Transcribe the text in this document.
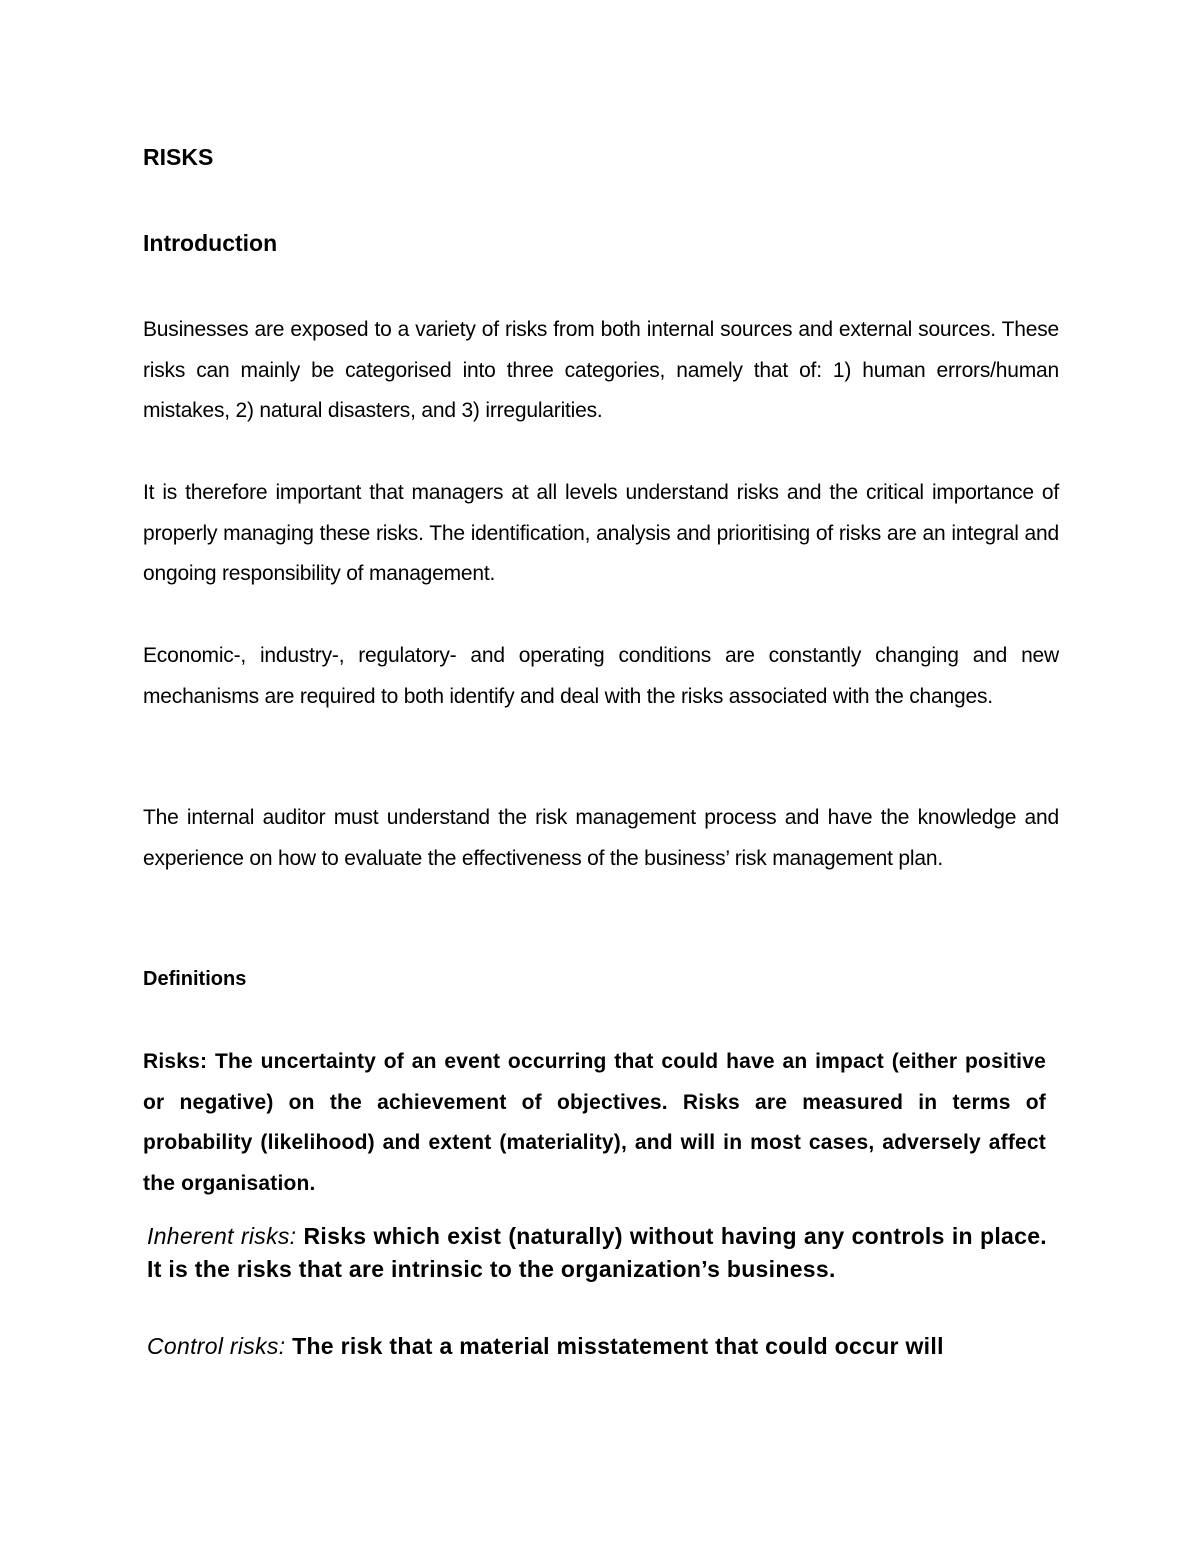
RISKS
Introduction

Businesses are exposed to a variety of risks from both internal sources and external sources. These risks can mainly be categorised into three categories, namely that of: 1) human errors/human mistakes, 2) natural disasters, and 3) irregularities.

It is therefore important that managers at all levels understand risks and the critical importance of properly managing these risks. The identification, analysis and prioritising of risks are an integral and ongoing responsibility of management.

Economic-, industry-, regulatory- and operating conditions are constantly changing and new mechanisms are required to both identify and deal with the risks associated with the changes.

The internal auditor must understand the risk management process and have the knowledge and experience on how to evaluate the effectiveness of the business’ risk management plan.

Definitions

Risks: The uncertainty of an event occurring that could have an impact (either positive or negative) on the achievement of objectives. Risks are measured in terms of probability (likelihood) and extent (materiality), and will in most cases, adversely affect the organisation.

Inherent risks: Risks which exist (naturally) without having any controls in place. It is the risks that are intrinsic to the organization’s business.

Control risks: The risk that a material misstatement that could occur will
